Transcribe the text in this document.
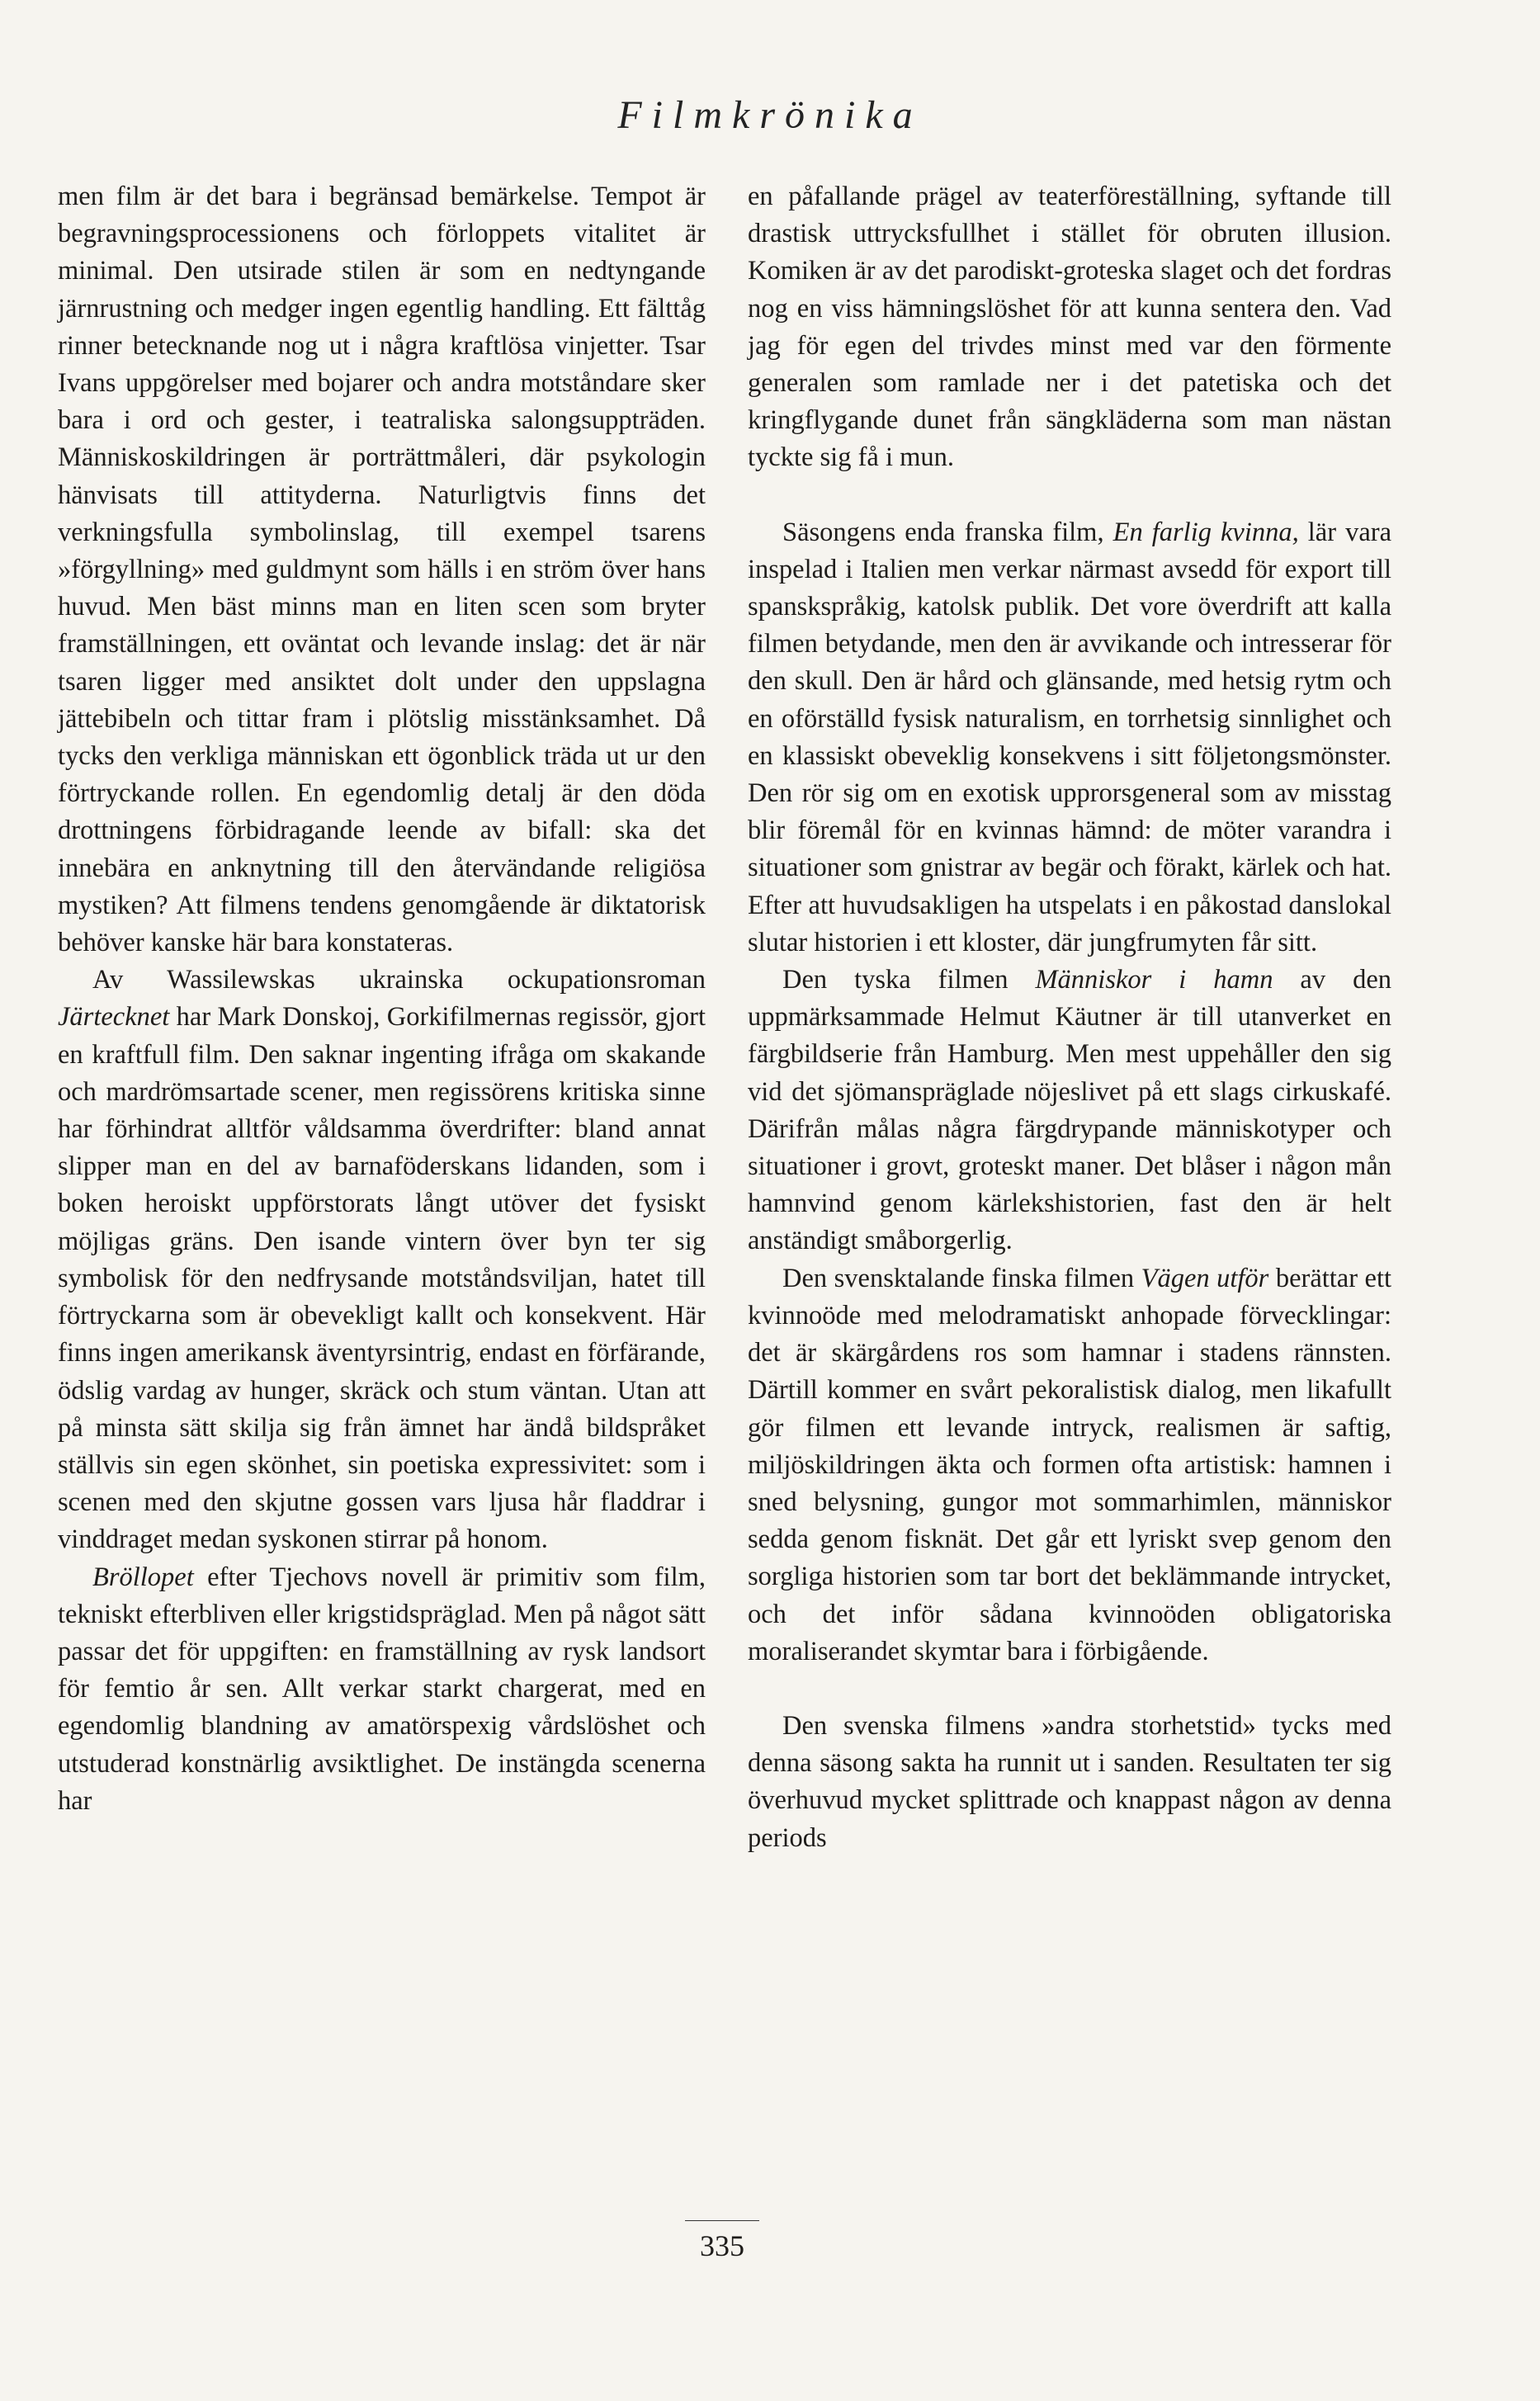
Filmkrönika

men film är det bara i begränsad bemärkelse. Tempot är begravningsprocessionens och förloppets vitalitet är minimal. Den utsirade stilen är som en nedtyngande järnrustning och medger ingen egentlig handling. Ett fälttåg rinner betecknande nog ut i några kraftlösa vinjetter. Tsar Ivans uppgörelser med bojarer och andra motståndare sker bara i ord och gester, i teatraliska salongsuppträden. Människoskildringen är porträttmåleri, där psykologin hänvisats till attityderna. Naturligtvis finns det verkningsfulla symbolinslag, till exempel tsarens »förgyllning» med guldmynt som hälls i en ström över hans huvud. Men bäst minns man en liten scen som bryter framställningen, ett oväntat och levande inslag: det är när tsaren ligger med ansiktet dolt under den uppslagna jättebibeln och tittar fram i plötslig misstänksamhet. Då tycks den verkliga människan ett ögonblick träda ut ur den förtryckande rollen. En egendomlig detalj är den döda drottningens förbidragande leende av bifall: ska det innebära en anknytning till den återvändande religiösa mystiken? Att filmens tendens genomgående är diktatorisk behöver kanske här bara konstateras.

Av Wassilewskas ukrainska ockupationsroman Järtecknet har Mark Donskoj, Gorkifilmernas regissör, gjort en kraftfull film. Den saknar ingenting ifråga om skakande och mardrömsartade scener, men regissörens kritiska sinne har förhindrat alltför våldsamma överdrifter: bland annat slipper man en del av barnaföderskans lidanden, som i boken heroiskt uppförstorats långt utöver det fysiskt möjligas gräns. Den isande vintern över byn ter sig symbolisk för den nedfrysande motståndsviljan, hatet till förtryckarna som är obevekligt kallt och konsekvent. Här finns ingen amerikansk äventyrsintrig, endast en förfärande, ödslig vardag av hunger, skräck och stum väntan. Utan att på minsta sätt skilja sig från ämnet har ändå bildspråket ställvis sin egen skönhet, sin poetiska expressivitet: som i scenen med den skjutne gossen vars ljusa hår fladdrar i vinddraget medan syskonen stirrar på honom.

Bröllopet efter Tjechovs novell är primitiv som film, tekniskt efterbliven eller krigstidspräglad. Men på något sätt passar det för uppgiften: en framställning av rysk landsort för femtio år sen. Allt verkar starkt chargerat, med en egendomlig blandning av amatörspexig vårdslöshet och utstuderad konstnärlig avsiktlighet. De instängda scenerna har

en påfallande prägel av teaterföreställning, syftande till drastisk uttrycksfullhet i stället för obruten illusion. Komiken är av det parodiskt-groteska slaget och det fordras nog en viss hämningslöshet för att kunna sentera den. Vad jag för egen del trivdes minst med var den förmente generalen som ramlade ner i det patetiska och det kringflygande dunet från sängkläderna som man nästan tyckte sig få i mun.

Säsongens enda franska film, En farlig kvinna, lär vara inspelad i Italien men verkar närmast avsedd för export till spanskspråkig, katolsk publik. Det vore överdrift att kalla filmen betydande, men den är avvikande och intresserar för den skull. Den är hård och glänsande, med hetsig rytm och en oförställd fysisk naturalism, en torrhetsig sinnlighet och en klassiskt obeveklig konsekvens i sitt följetongsmönster. Den rör sig om en exotisk upprorsgeneral som av misstag blir föremål för en kvinnas hämnd: de möter varandra i situationer som gnistrar av begär och förakt, kärlek och hat. Efter att huvudsakligen ha utspelats i en påkostad danslokal slutar historien i ett kloster, där jungfrumyten får sitt.

Den tyska filmen Människor i hamn av den uppmärksammade Helmut Käutner är till utanverket en färgbildserie från Hamburg. Men mest uppehåller den sig vid det sjömanspräglade nöjeslivet på ett slags cirkuskafé. Därifrån målas några färgdrypande människotyper och situationer i grovt, groteskt maner. Det blåser i någon mån hamnvind genom kärlekshistorien, fast den är helt anständigt småborgerlig.

Den svensktalande finska filmen Vägen utför berättar ett kvinnoöde med melodramatiskt anhopade förvecklingar: det är skärgårdens ros som hamnar i stadens rännsten. Därtill kommer en svårt pekoralistisk dialog, men likafullt gör filmen ett levande intryck, realismen är saftig, miljöskildringen äkta och formen ofta artistisk: hamnen i sned belysning, gungor mot sommarhimlen, människor sedda genom fisknät. Det går ett lyriskt svep genom den sorgliga historien som tar bort det beklämmande intrycket, och det inför sådana kvinnoöden obligatoriska moraliserandet skymtar bara i förbigående.

Den svenska filmens »andra storhetstid» tycks med denna säsong sakta ha runnit ut i sanden. Resultaten ter sig överhuvud mycket splittrade och knappast någon av denna periods

335
